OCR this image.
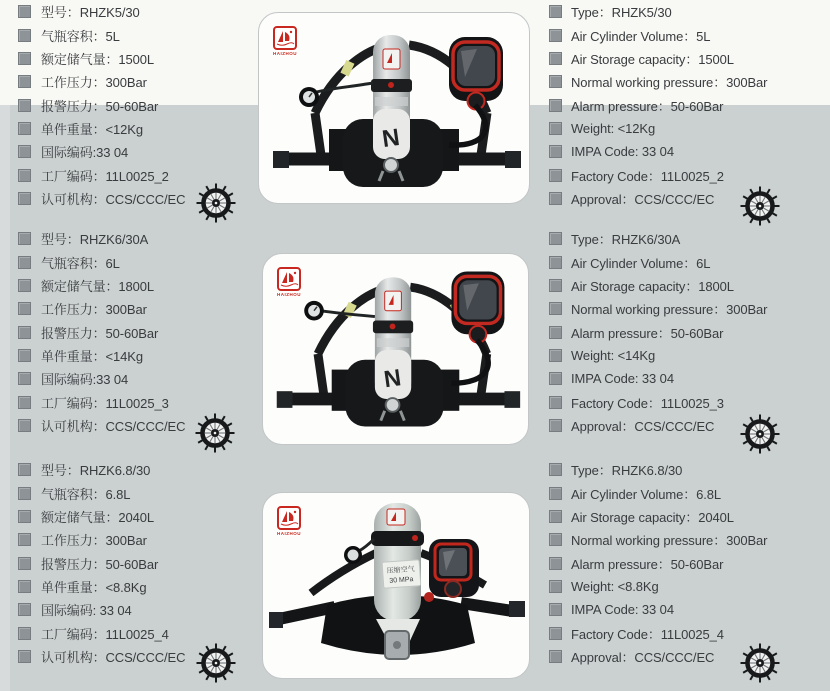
型号：RHZK5/30
气瓶容积：5L
额定储气量：1500L
工作压力：300Bar
报警压力：50-60Bar
单件重量：<12Kg
国际编码:33 04
工厂编码：11L0025_2
认可机构：CCS/CCC/EC
型号：RHZK6/30A
气瓶容积：6L
额定储气量：1800L
工作压力：300Bar
报警压力：50-60Bar
单件重量：<14Kg
国际编码:33 04
工厂编码：11L0025_3
认可机构：CCS/CCC/EC
型号：RHZK6.8/30
气瓶容积：6.8L
额定储气量：2040L
工作压力：300Bar
报警压力：50-60Bar
单件重量：<8.8Kg
国际编码: 33 04
工厂编码：11L0025_4
认可机构：CCS/CCC/EC
Type：RHZK5/30
Air Cylinder Volume：5L
Air Storage capacity：1500L
Normal working pressure：300Bar
Alarm pressure：50-60Bar
Weight: <12Kg
IMPA Code: 33 04
Factory Code：11L0025_2
Approval：CCS/CCC/EC
Type：RHZK6/30A
Air Cylinder Volume：6L
Air Storage capacity：1800L
Normal working pressure：300Bar
Alarm pressure：50-60Bar
Weight: <14Kg
IMPA Code: 33 04
Factory Code：11L0025_3
Approval：CCS/CCC/EC
Type：RHZK6.8/30
Air Cylinder Volume：6.8L
Air Storage capacity：2040L
Normal working pressure：300Bar
Alarm pressure：50-60Bar
Weight: <8.8Kg
IMPA Code: 33 04
Factory Code：11L0025_4
Approval：CCS/CCC/EC
HAIZHOU
N
HAIZHOU
N
HAIZHOU
压缩空气
30 MPa
